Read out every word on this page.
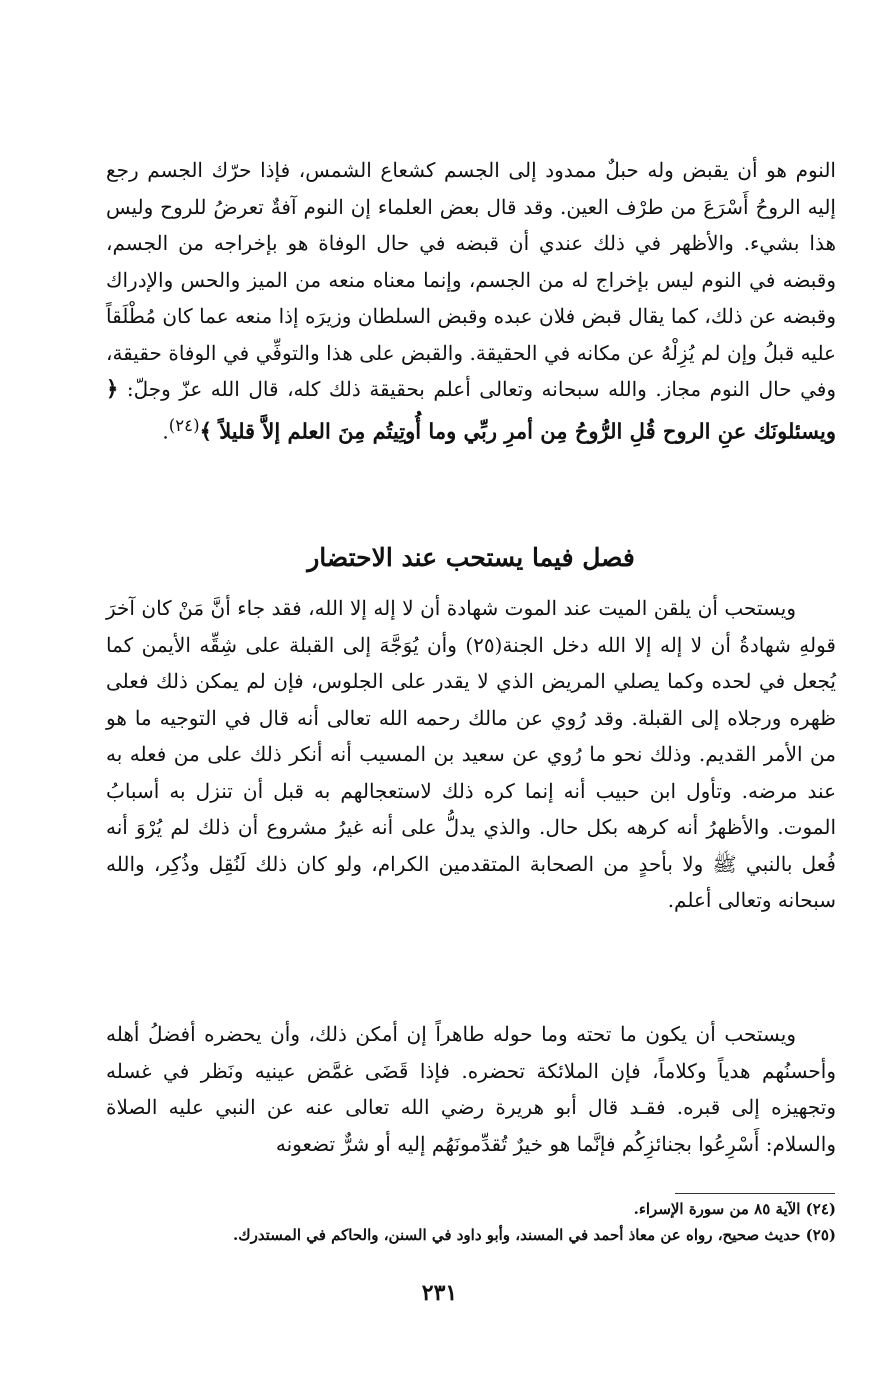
النوم هو أن يقبض وله حبلٌ ممدود إلى الجسم كشعاع الشمس، فإذا حرّك الجسم رجع إليه الروحُ أَسْرَعَ من طرْف العين. وقد قال بعض العلماء إن النوم آفةٌ تعرضُ للروح وليس هذا بشيء. والأظهر في ذلك عندي أن قبضه في حال الوفاة هو بإخراجه من الجسم، وقبضه في النوم ليس بإخراج له من الجسم، وإنما معناه منعه من الميز والحس والإدراك وقبضه عن ذلك، كما يقال قبض فلان عبده وقبض السلطان وزيرَه إذا منعه عما كان مُطْلَقاً عليه قبلُ وإن لم يُزِلْهُ عن مكانه في الحقيقة. والقبض على هذا والتوفِّي في الوفاة حقيقة، وفي حال النوم مجاز. والله سبحانه وتعالى أعلم بحقيقة ذلك كله، قال الله عزّ وجلّ: ﴿ ويسئلونَك عنِ الروح قُلِ الرُّوحُ مِن أمرِ ربِّي وما أُوتِيتُم مِنَ العلم إلاَّ قليلاً ﴾$^{(٢٤)}$.

فصل فيما يستحب عند الاحتضار

ويستحب أن يلقن الميت عند الموت شهادة أن لا إله إلا الله، فقد جاء أنَّ مَنْ كان آخرَ قولهِ شهادةُ أن لا إله إلا الله دخل الجنة(٢٥) وأن يُوَجَّهَ إلى القبلة على شِقِّه الأيمن كما يُجعل في لحده وكما يصلي المريض الذي لا يقدر على الجلوس، فإن لم يمكن ذلك فعلى ظهره ورجلاه إلى القبلة. وقد رُوي عن مالك رحمه الله تعالى أنه قال في التوجيه ما هو من الأمر القديم. وذلك نحو ما رُوي عن سعيد بن المسيب أنه أنكر ذلك على من فعله به عند مرضه. وتأول ابن حبيب أنه إنما كره ذلك لاستعجالهم به قبل أن تنزل به أسبابُ الموت. والأظهرُ أنه كرهه بكل حال. والذي يدلُّ على أنه غيرُ مشروع أن ذلك لم يُرْوَ أنه فُعل بالنبي ﷺ ولا بأحدٍ من الصحابة المتقدمين الكرام، ولو كان ذلك لَنُقِل وذُكِر، والله سبحانه وتعالى أعلم.

ويستحب أن يكون ما تحته وما حوله طاهراً إن أمكن ذلك، وأن يحضره أفضلُ أهله وأحسنُهم هدياً وكلاماً، فإن الملائكة تحضره. فإذا قَضَى غمَّض عينيه ونَظر في غسله وتجهيزه إلى قبره. فقـد قال أبو هريرة رضي الله تعالى عنه عن النبي عليه الصلاة والسلام: أَسْرِعُوا بجنائزِكُم فإنَّما هو خيرٌ تُقدِّمونَهُم إليه أو شرٌّ تضعونه

(٢٤) الآية ٨٥ من سورة الإسراء.
(٢٥) حديث صحيح، رواه عن معاذ أحمد في المسند، وأبو داود في السنن، والحاكم في المستدرك.
٢٣١
